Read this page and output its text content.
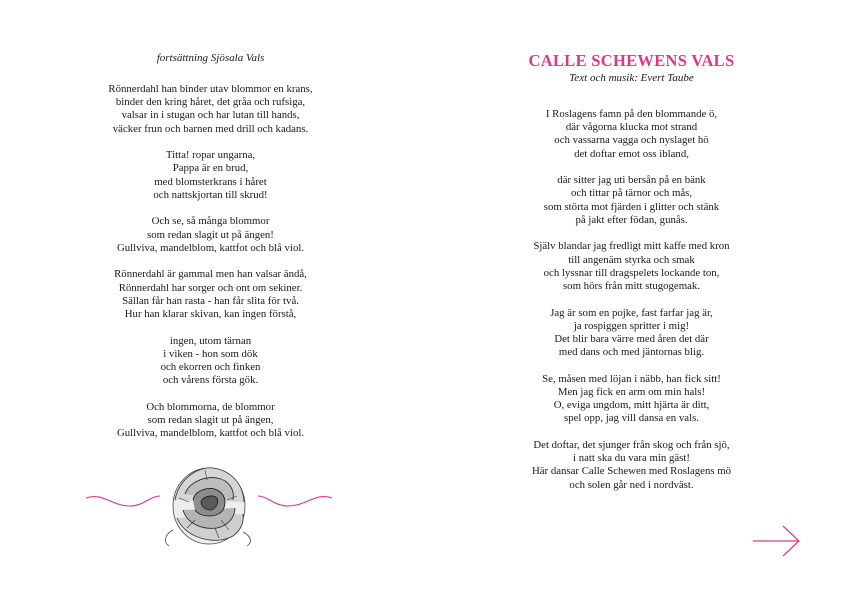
fortsättning Sjösala Vals
Rönnerdahl han binder utav blommor en krans,
binder den kring håret, det gråa och rufsiga,
valsar in i stugan och har lutan till hands,
väcker frun och barnen med drill och kadans.
Titta! ropar ungarna,
Pappa är en brud,
med blomsterkrans i håret
och nattskjortan till skrud!
Och se, så många blommor
som redan slagit ut på ängen!
Gullviva, mandelblom, kattfot och blå viol.
Rönnerdahl är gammal men han valsar ändå,
Rönnerdahl har sorger och ont om sekiner.
Sällan får han rasta - han får slita för två.
Hur han klarar skivan, kan ingen förstå,
ingen, utom tärnan
i viken - hon som dök
och ekorren och finken
och vårens första gök.
Och blommorna, de blommor
som redan slagit ut på ängen,
Gullviva, mandelblom, kattfot och blå viol.
CALLE SCHEWENS VALS
Text och musik: Evert Taube
I Roslagens famn på den blommande ö,
där vågorna klucka mot strand
och vassarna vagga och nyslaget hö
det doftar emot oss ibland,
där sitter jag uti bersån på en bänk
och tittar på tärnor och mås,
som störta mot fjärden i glitter och stänk
på jakt efter födan, gunås.
Själv blandar jag fredligt mitt kaffe med kron
till angenäm styrka och smak
och lyssnar till dragspelets lockande ton,
som hörs från mitt stugogemak.
Jag är som en pojke, fast farfar jag är,
ja rospiggen spritter i mig!
Det blir bara värre med åren det där
med dans och med jäntornas blig.
Se, måsen med löjan i näbb, han fick sitt!
Men jag fick en arm om min hals!
O, eviga ungdom, mitt hjärta är ditt,
spel opp, jag vill dansa en vals.
Det doftar, det sjunger från skog och från sjö,
i natt ska du vara min gäst!
Här dansar Calle Schewen med Roslagens mö
och solen går ned i nordväst.
